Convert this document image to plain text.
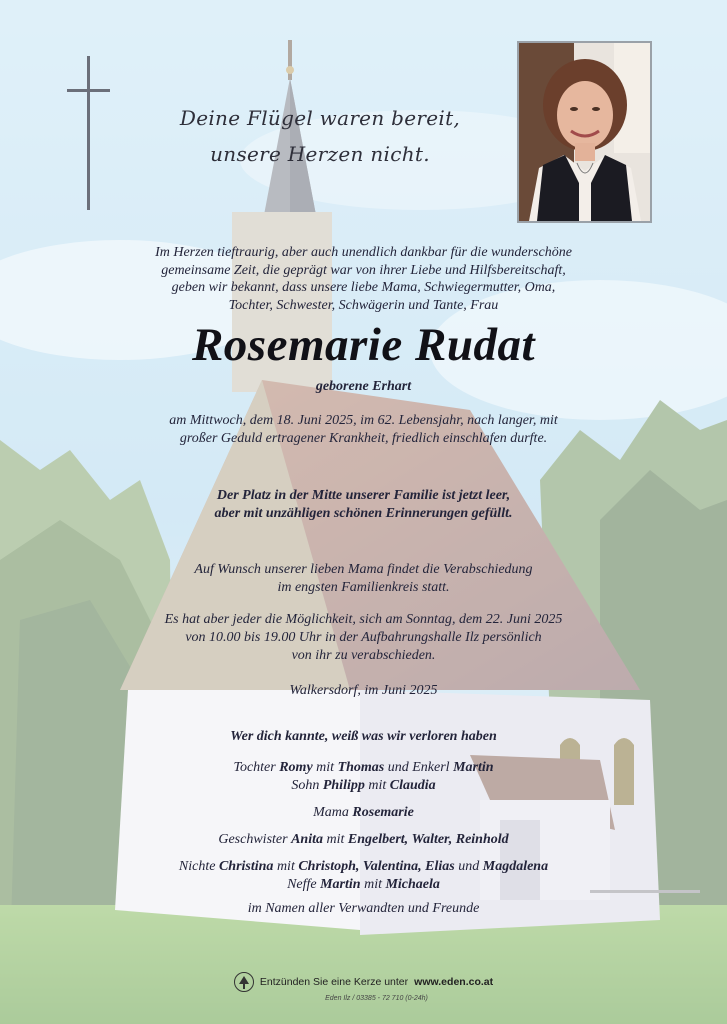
Deine Flügel waren bereit,
unsere Herzen nicht.
Im Herzen tieftraurig, aber auch unendlich dankbar für die wunderschöne
gemeinsame Zeit, die geprägt war von ihrer Liebe und Hilfsbereitschaft,
geben wir bekannt, dass unsere liebe Mama, Schwiegermutter, Oma,
Tochter, Schwester, Schwägerin und Tante, Frau
Rosemarie Rudat
geborene Erhart
am Mittwoch, dem 18. Juni 2025, im 62. Lebensjahr, nach langer, mit
großer Geduld ertragener Krankheit, friedlich einschlafen durfte.
Der Platz in der Mitte unserer Familie ist jetzt leer,
aber mit unzähligen schönen Erinnerungen gefüllt.
Auf Wunsch unserer lieben Mama findet die Verabschiedung
im engsten Familienkreis statt.
Es hat aber jeder die Möglichkeit, sich am Sonntag, dem 22. Juni 2025
von 10.00 bis 19.00 Uhr in der Aufbahrungshalle Ilz persönlich
von ihr zu verabschieden.
Walkersdorf, im Juni 2025
Wer dich kannte, weiß was wir verloren haben
Tochter Romy mit Thomas und Enkerl Martin
Sohn Philipp mit Claudia
Mama Rosemarie
Geschwister Anita mit Engelbert, Walter, Reinhold
Nichte Christina mit Christoph, Valentina, Elias und Magdalena
Neffe Martin mit Michaela
im Namen aller Verwandten und Freunde
Entzünden Sie eine Kerze unter www.eden.co.at
Eden Ilz / 03385 - 72 710 (0-24h)
